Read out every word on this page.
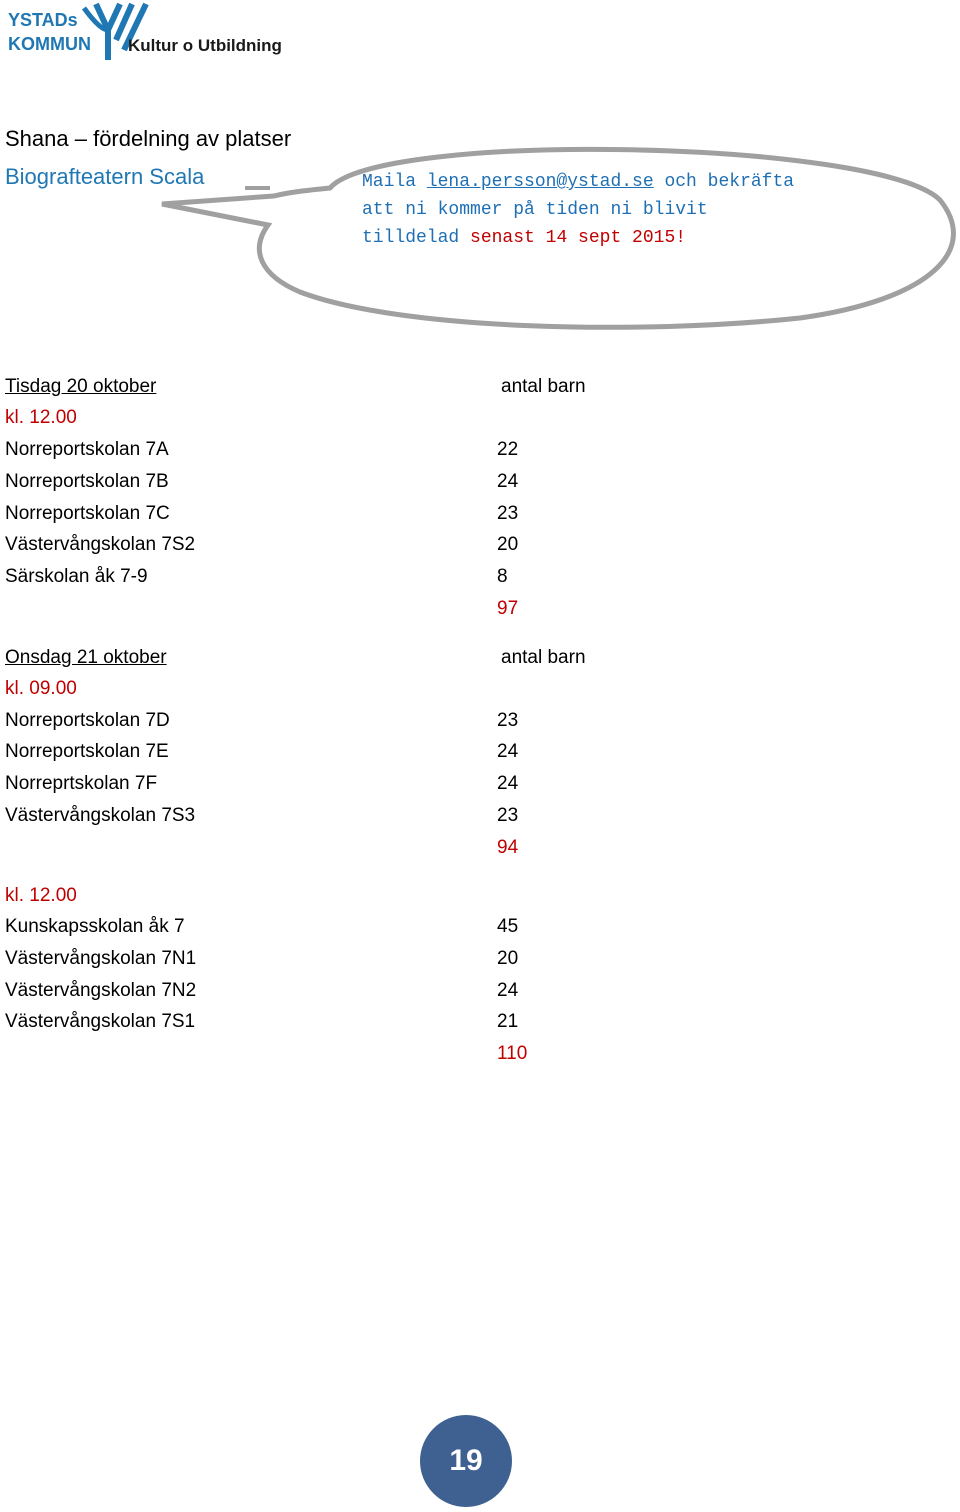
YSTADs
KOMMUN Kultur o Utbildning
Shana – fördelning av platser
Biografteatern Scala	Maila lena.persson@ystad.se och bekräfta
att ni kommer på tiden ni blivit
tilldelad senast 14 sept 2015!
Tisdag 20 oktober	antal barn
kl. 12.00
Norreportskolan 7A	22
Norreportskolan 7B	24
Norreportskolan 7C	23
Västervångskolan 7S2	20
Särskolan åk 7-9	8
97
Onsdag 21 oktober	antal barn
kl. 09.00
Norreportskolan 7D	23
Norreportskolan 7E	24
Norreprtskolan 7F	24
Västervångskolan 7S3	23
94
kl. 12.00
Kunskapsskolan åk 7	45
Västervångskolan 7N1	20
Västervångskolan 7N2	24
Västervångskolan 7S1	21
110
19
